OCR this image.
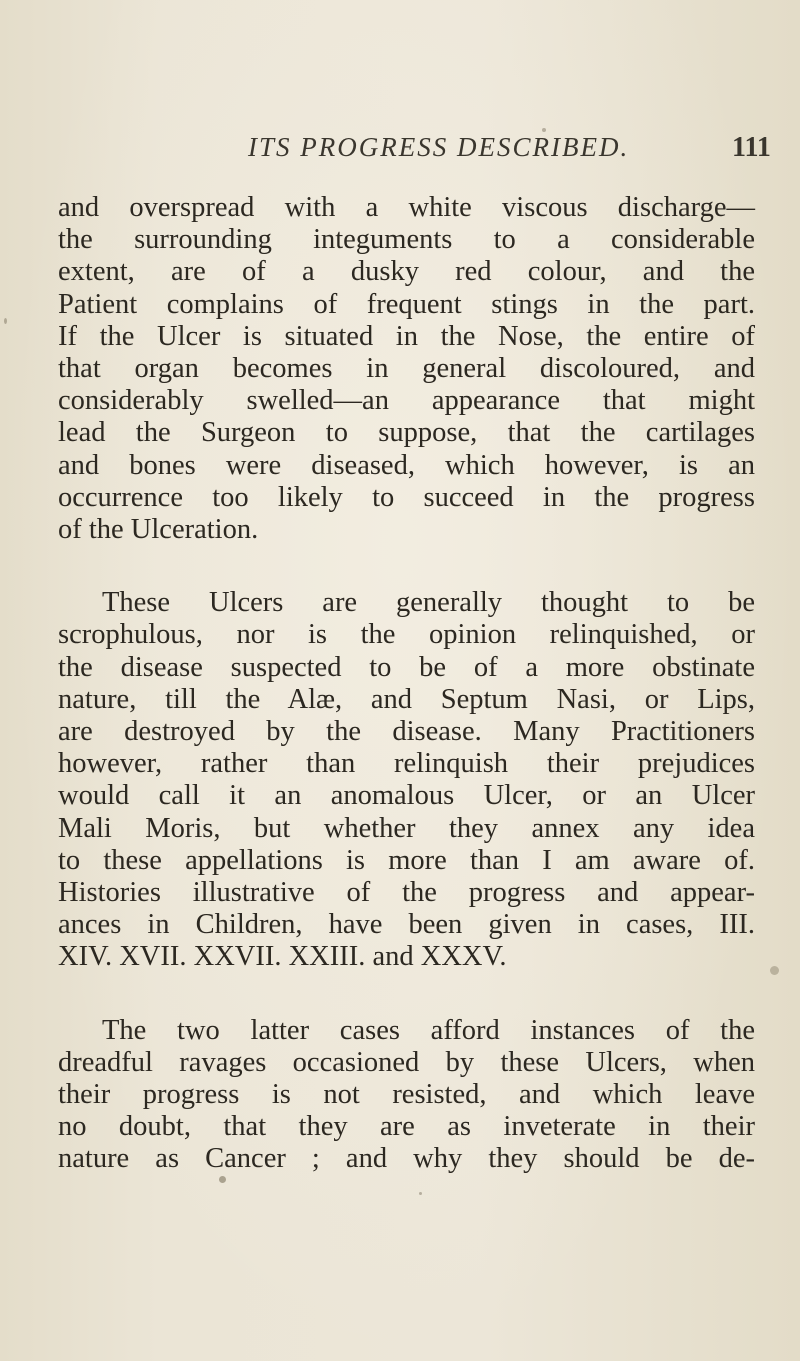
ITS PROGRESS DESCRIBED.	111

and overspread with a white viscous discharge—
the surrounding integuments to a considerable
extent, are of a dusky red colour, and the
Patient complains of frequent stings in the part.
If the Ulcer is situated in the Nose, the entire of
that organ becomes in general discoloured, and
considerably swelled—an appearance that might
lead the Surgeon to suppose, that the cartilages
and bones were diseased, which however, is an
occurrence too likely to succeed in the progress
of the Ulceration.

These Ulcers are generally thought to be
scrophulous, nor is the opinion relinquished, or
the disease suspected to be of a more obstinate
nature, till the Alæ, and Septum Nasi, or Lips,
are destroyed by the disease. Many Practitioners
however, rather than relinquish their prejudices
would call it an anomalous Ulcer, or an Ulcer
Mali Moris, but whether they annex any idea
to these appellations is more than I am aware of.
Histories illustrative of the progress and appear-
ances in Children, have been given in cases, III.
XIV. XVII. XXVII. XXIII. and XXXV.

The two latter cases afford instances of the
dreadful ravages occasioned by these Ulcers, when
their progress is not resisted, and which leave
no doubt, that they are as inveterate in their
nature as Cancer ; and why they should be de-
